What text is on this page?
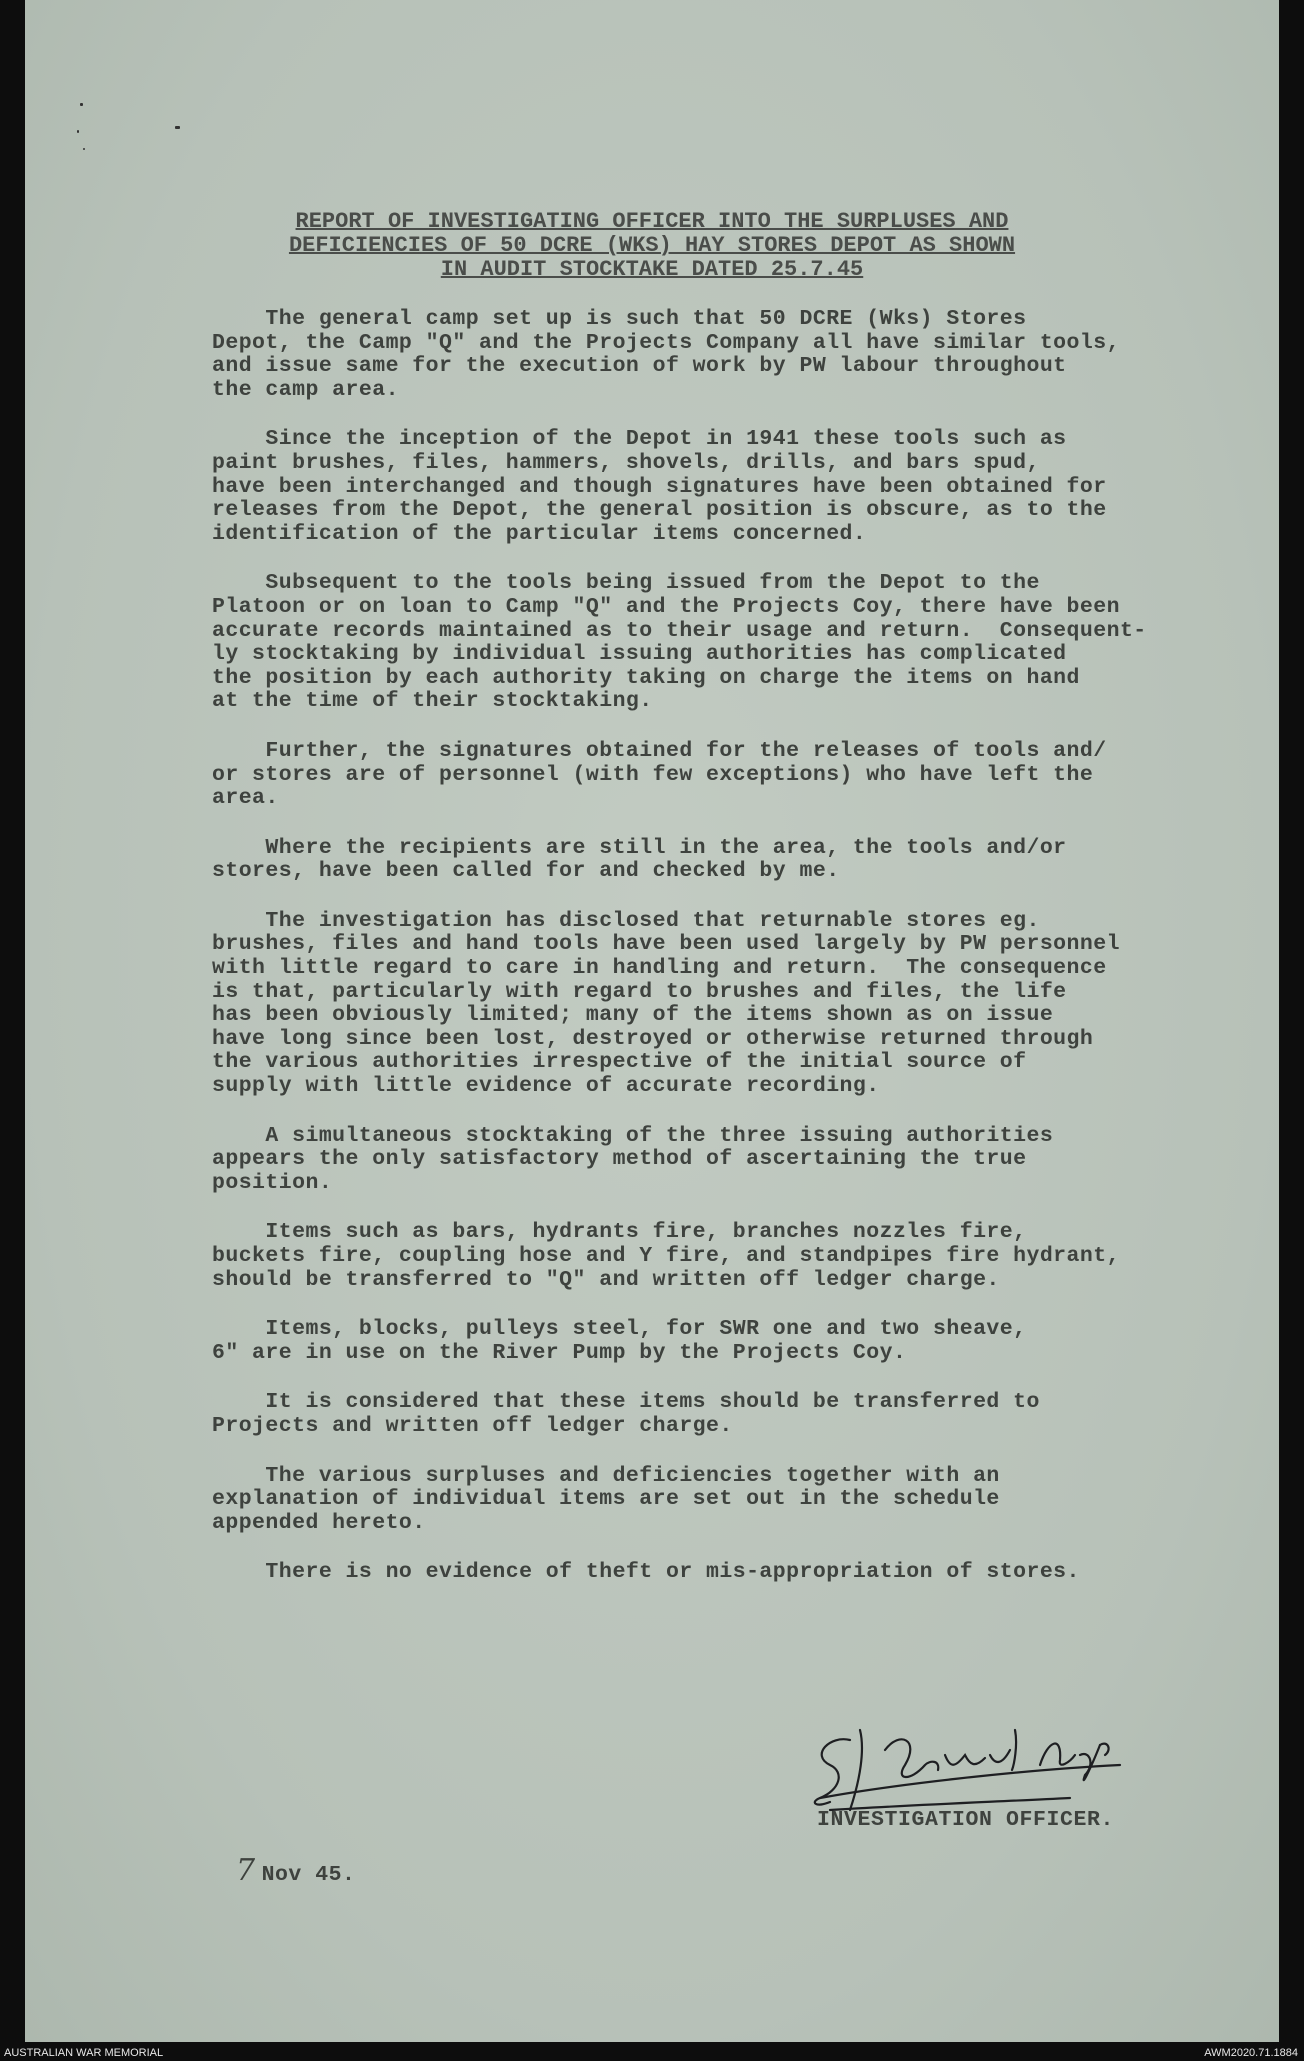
REPORT OF INVESTIGATING OFFICER INTO THE SURPLUSES AND
DEFICIENCIES OF 50 DCRE (WKS) HAY STORES DEPOT AS SHOWN
IN AUDIT STOCKTAKE DATED 25.7.45
The general camp set up is such that 50 DCRE (Wks) Stores
Depot, the Camp "Q" and the Projects Company all have similar tools,
and issue same for the execution of work by PW labour throughout
the camp area.
Since the inception of the Depot in 1941 these tools such as
paint brushes, files, hammers, shovels, drills, and bars spud,
have been interchanged and though signatures have been obtained for
releases from the Depot, the general position is obscure, as to the
identification of the particular items concerned.
Subsequent to the tools being issued from the Depot to the
Platoon or on loan to Camp "Q" and the Projects Coy, there have been
accurate records maintained as to their usage and return.  Consequent-
ly stocktaking by individual issuing authorities has complicated
the position by each authority taking on charge the items on hand
at the time of their stocktaking.
Further, the signatures obtained for the releases of tools and/
or stores are of personnel (with few exceptions) who have left the
area.
Where the recipients are still in the area, the tools and/or
stores, have been called for and checked by me.
The investigation has disclosed that returnable stores eg.
brushes, files and hand tools have been used largely by PW personnel
with little regard to care in handling and return.  The consequence
is that, particularly with regard to brushes and files, the life
has been obviously limited; many of the items shown as on issue
have long since been lost, destroyed or otherwise returned through
the various authorities irrespective of the initial source of
supply with little evidence of accurate recording.
A simultaneous stocktaking of the three issuing authorities
appears the only satisfactory method of ascertaining the true
position.
Items such as bars, hydrants fire, branches nozzles fire,
buckets fire, coupling hose and Y fire, and standpipes fire hydrant,
should be transferred to "Q" and written off ledger charge.
Items, blocks, pulleys steel, for SWR one and two sheave,
6" are in use on the River Pump by the Projects Coy.
It is considered that these items should be transferred to
Projects and written off ledger charge.
The various surpluses and deficiencies together with an
explanation of individual items are set out in the schedule
appended hereto.
There is no evidence of theft or mis-appropriation of stores.
INVESTIGATION OFFICER.
7 Nov 45.
AUSTRALIAN WAR MEMORIAL	AWM2020.71.1884
